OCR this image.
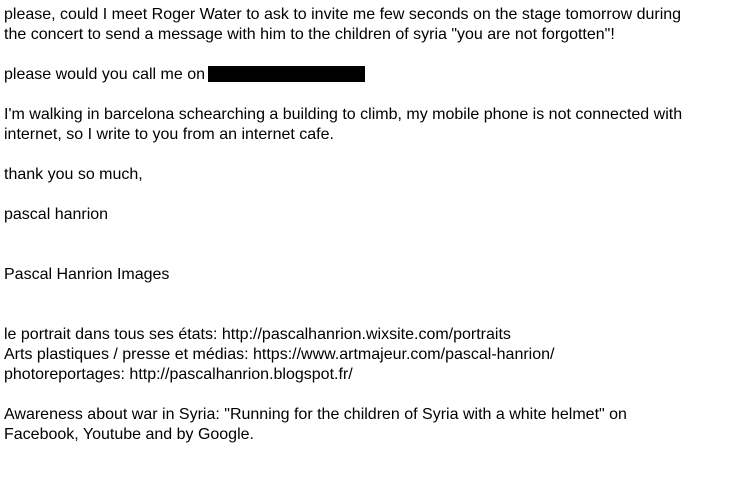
please, could I meet Roger Water to ask to invite me few seconds on the stage tomorrow during
the concert to send a message with him to the children of syria "you are not forgotten"!
please would you call me on
I'm walking in barcelona schearching a building to climb, my mobile phone is not connected with
internet, so I write to you from an internet cafe.
thank you so much,
pascal hanrion
Pascal Hanrion Images
le portrait dans tous ses états: http://pascalhanrion.wixsite.com/portraits
Arts plastiques / presse et médias: https://www.artmajeur.com/pascal-hanrion/
photoreportages: http://pascalhanrion.blogspot.fr/
Awareness about war in Syria: "Running for the children of Syria with a white helmet" on
Facebook, Youtube and by Google.
